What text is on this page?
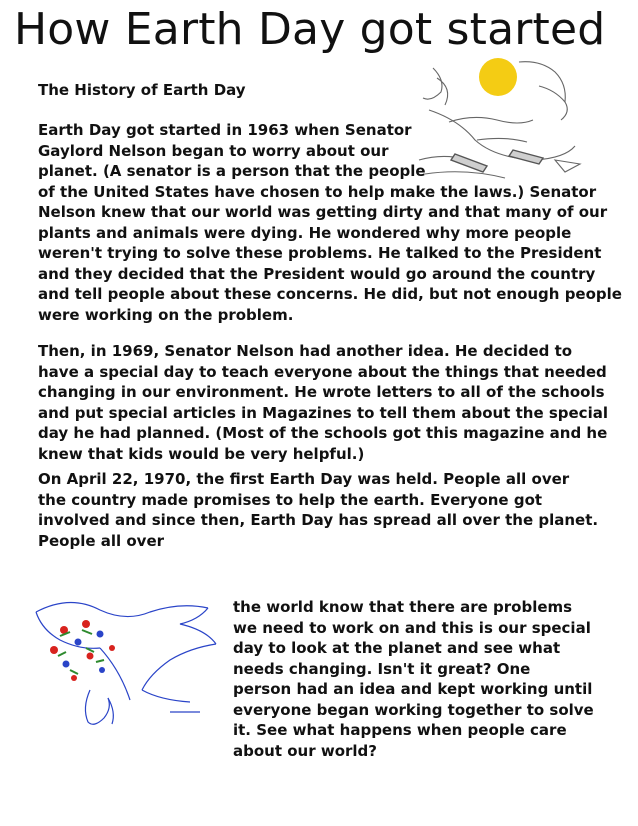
How Earth Day got started
The History of Earth Day
Earth Day got started in 1963 when Senator
Gaylord Nelson began to worry about our
planet. (A senator is a person that the people
of the United States have chosen to help make the laws.) Senator
Nelson knew that our world was getting dirty and that many of our
plants and animals were dying. He wondered why more people
weren't trying to solve these problems. He talked to the President
and they decided that the President would go around the country
and tell people about these concerns. He did, but not enough people
were working on the problem.
Then, in 1969, Senator Nelson had another idea. He decided to
have a special day to teach everyone about the things that needed
changing in our environment. He wrote letters to all of the schools
and put special articles in Magazines to tell them about the special
day he had planned. (Most of the schools got this magazine and he
knew that kids would be very helpful.)
On April 22, 1970, the first Earth Day was held. People all over
the country made promises to help the earth. Everyone got
involved and since then, Earth Day has spread all over the planet.
People all over
the world know that there are problems
we need to work on and this is our special
day to look at the planet and see what
needs changing. Isn't it great? One
person had an idea and kept working until
everyone began working together to solve
it. See what happens when people care
about our world?
